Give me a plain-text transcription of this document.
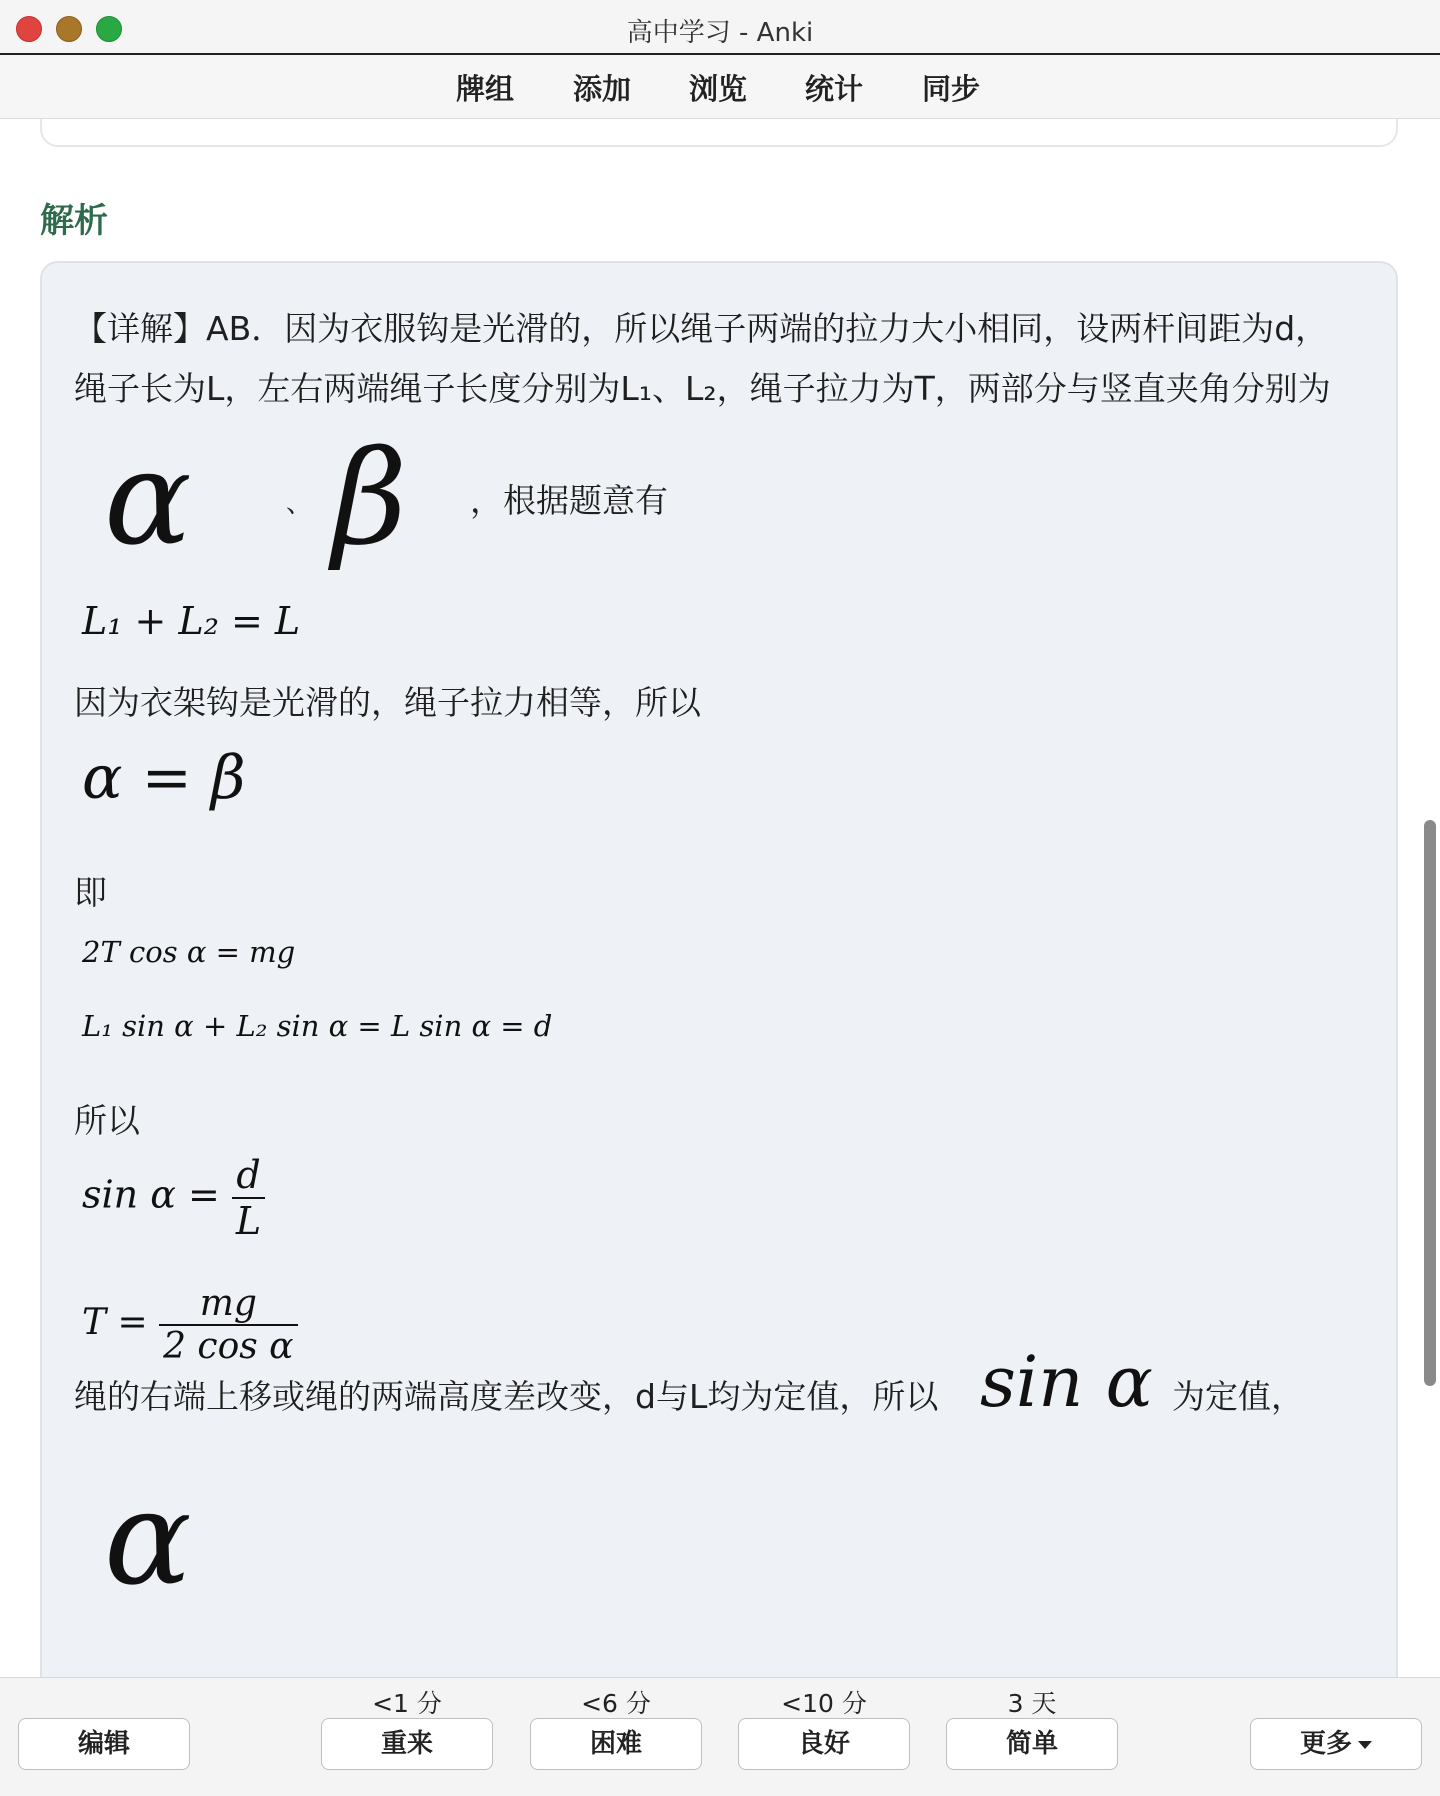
高中学习 - Anki
牌组 添加 浏览 统计 同步
解析
【详解】AB．因为衣服钩是光滑的，所以绳子两端的拉力大小相同，设两杆间距为d，
绳子长为L，左右两端绳子长度分别为L₁、L₂，绳子拉力为T，两部分与竖直夹角分别为
α	、 β ，根据题意有
L₁ + L₂ = L
因为衣架钩是光滑的，绳子拉力相等，所以
α = β
即
2T cos α = mg
L₁ sin α + L₂ sin α = L sin α = d
所以
$\sin \alpha = \frac{d}{L}$
$T = \frac{mg}{\text{2 cos α}}$
绳的右端上移或绳的两端高度差改变，d与L均为定值，所以 sin α 为定值，
α
编辑
<1 分
重来
<6 分
困难
<10 分
良好
3 天
简单	更多
